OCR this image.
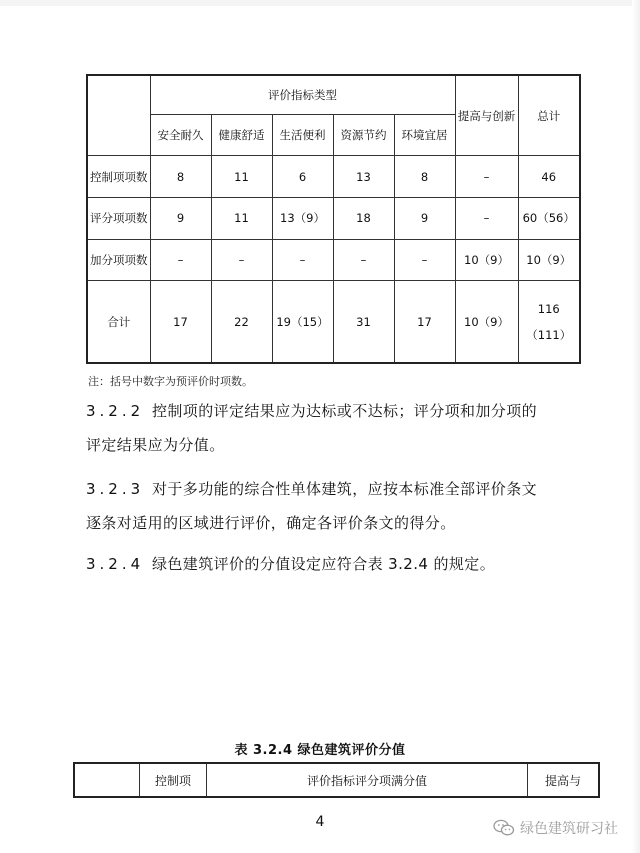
	评价指标类型					提高与创新	总计
	安全耐久	健康舒适	生活便利	资源节约	环境宜居		
控制项项数	8	11	6	13	8	–	46
评分项项数	9	11	13（9）	18	9	–	60（56）
加分项项数	–	–	–	–	–	10（9）	10（9）
合计	17	22	19（15）	31	17	10（9）	116（111）
注：括号中数字为预评价时项数。
3.2.2 控制项的评定结果应为达标或不达标；评分项和加分项的
评定结果应为分值。
3.2.3 对于多功能的综合性单体建筑，应按本标准全部评价条文
逐条对适用的区域进行评价，确定各评价条文的得分。
3.2.4 绿色建筑评价的分值设定应符合表 3.2.4 的规定。
表 3.2.4 绿色建筑评价分值
控制项	评价指标评分项满分值	提高与
4	绿色建筑研习社
